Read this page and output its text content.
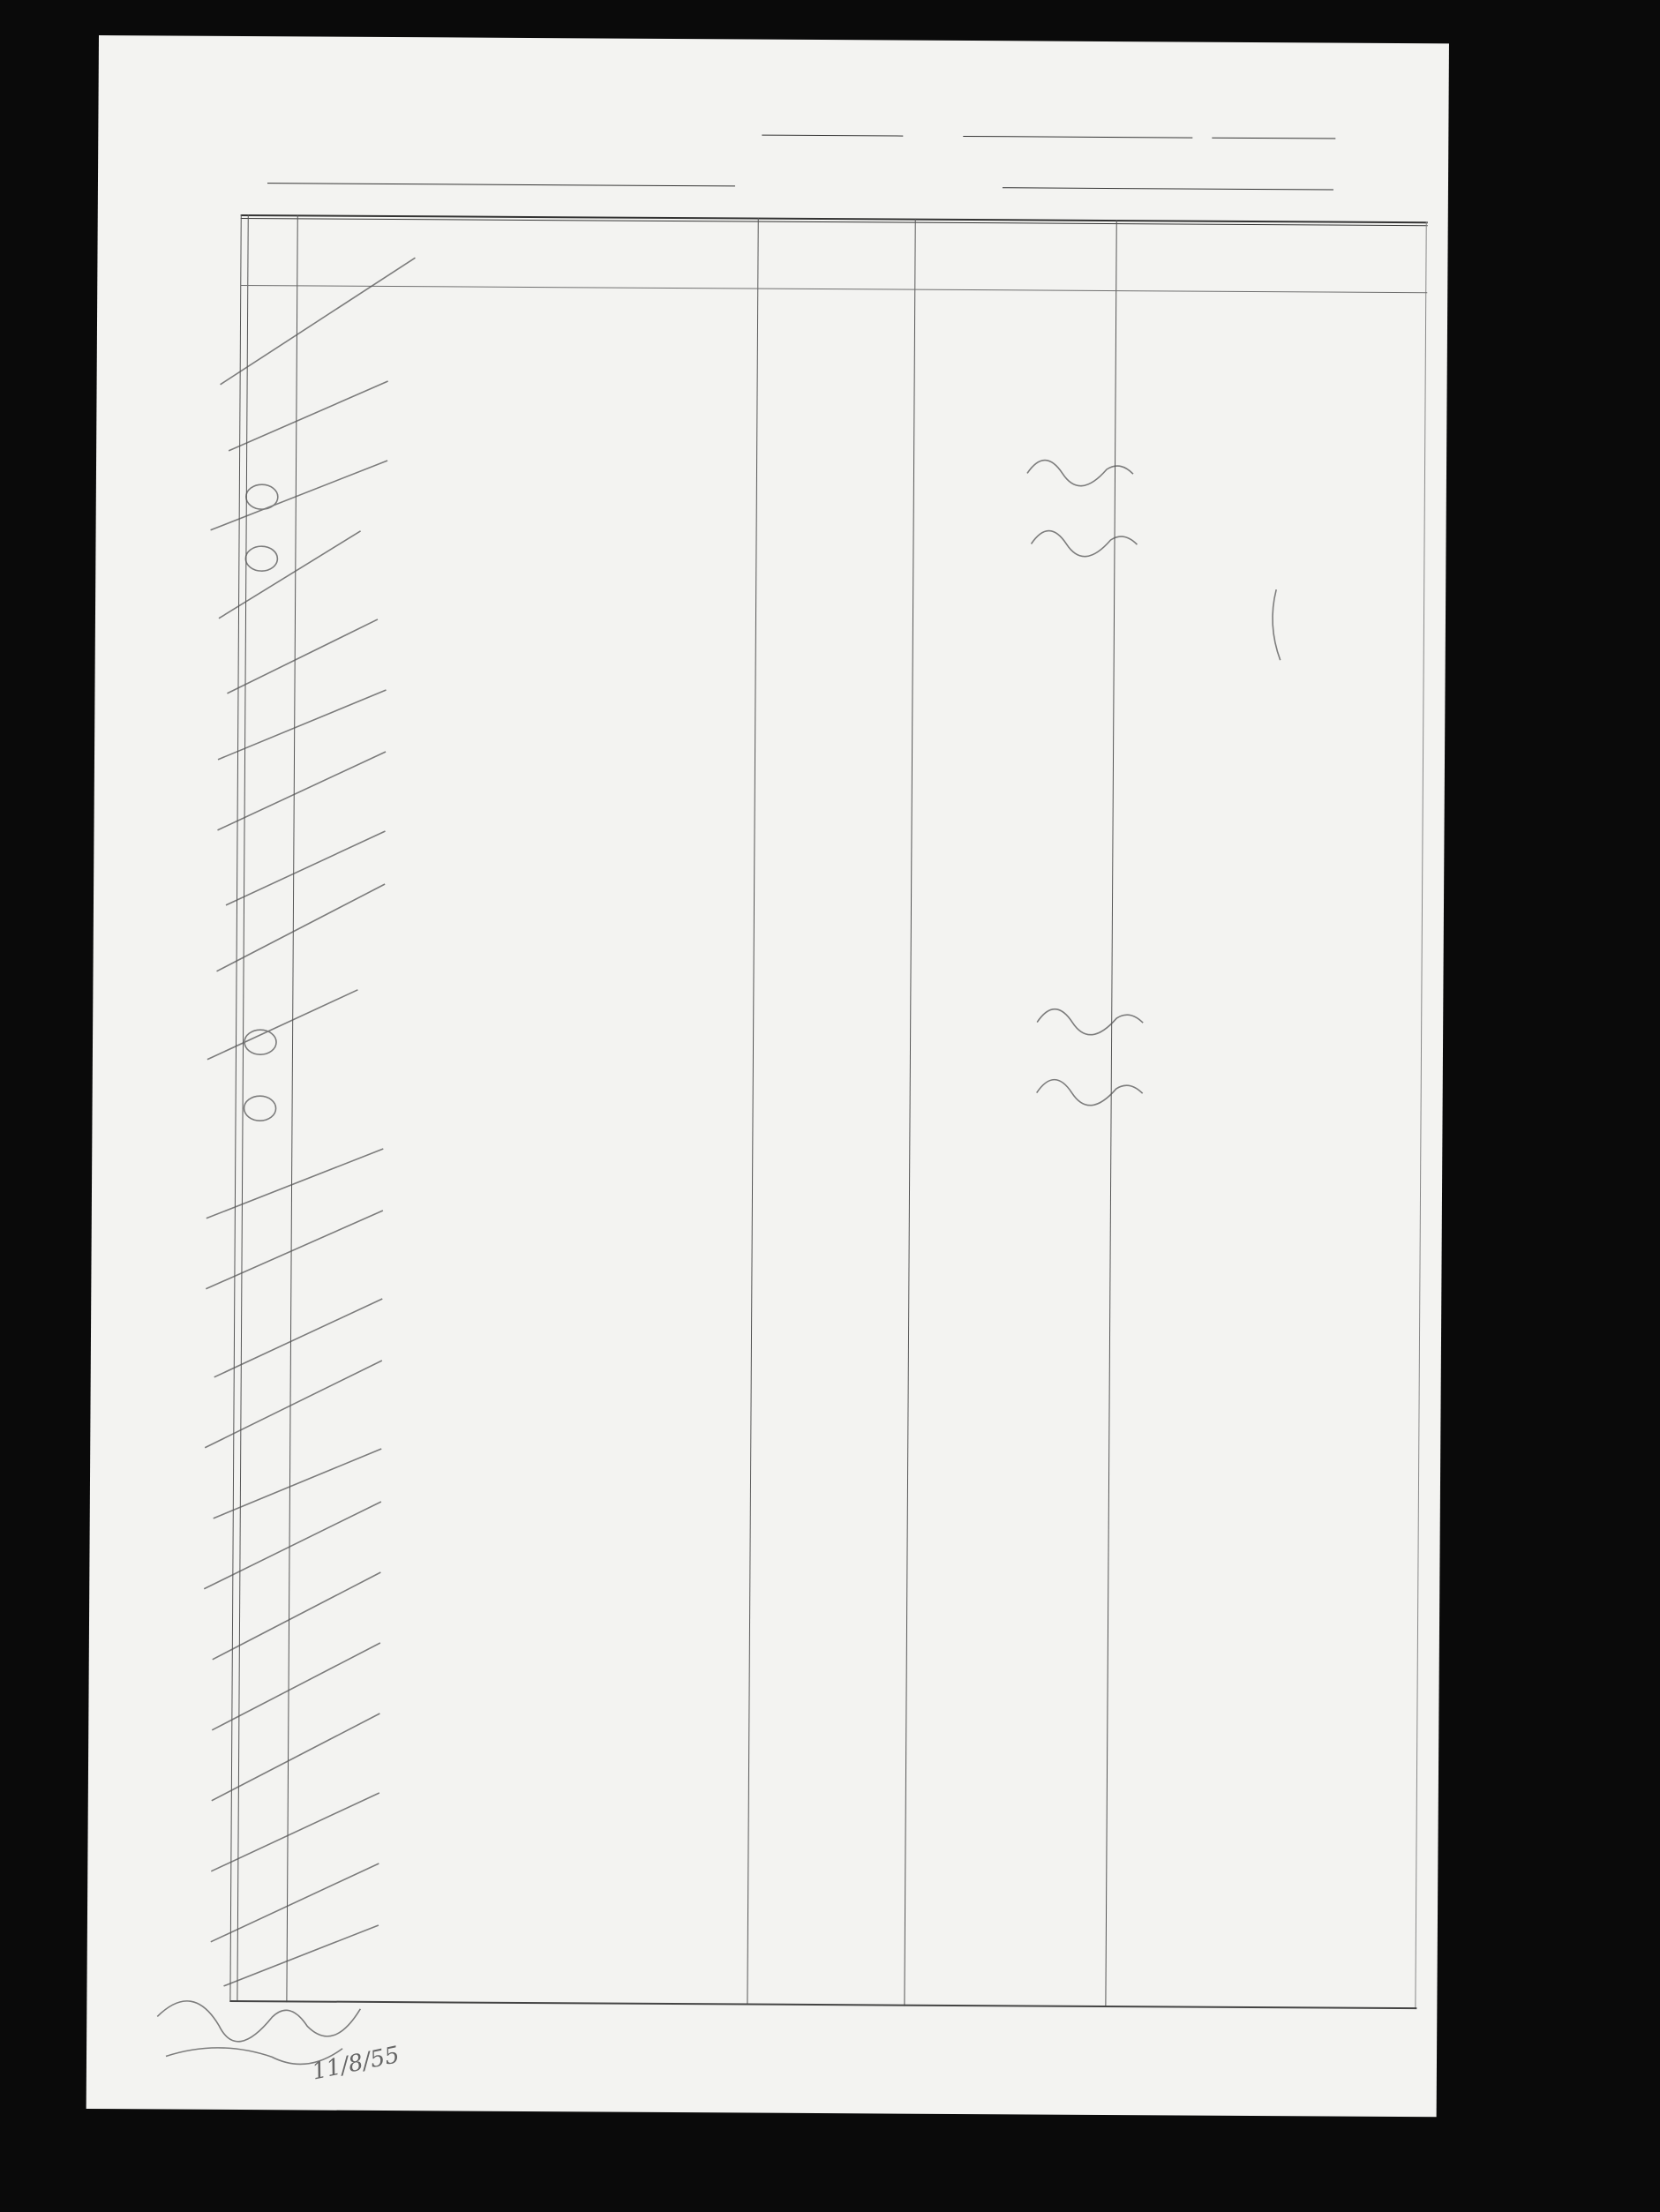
11/8/55
